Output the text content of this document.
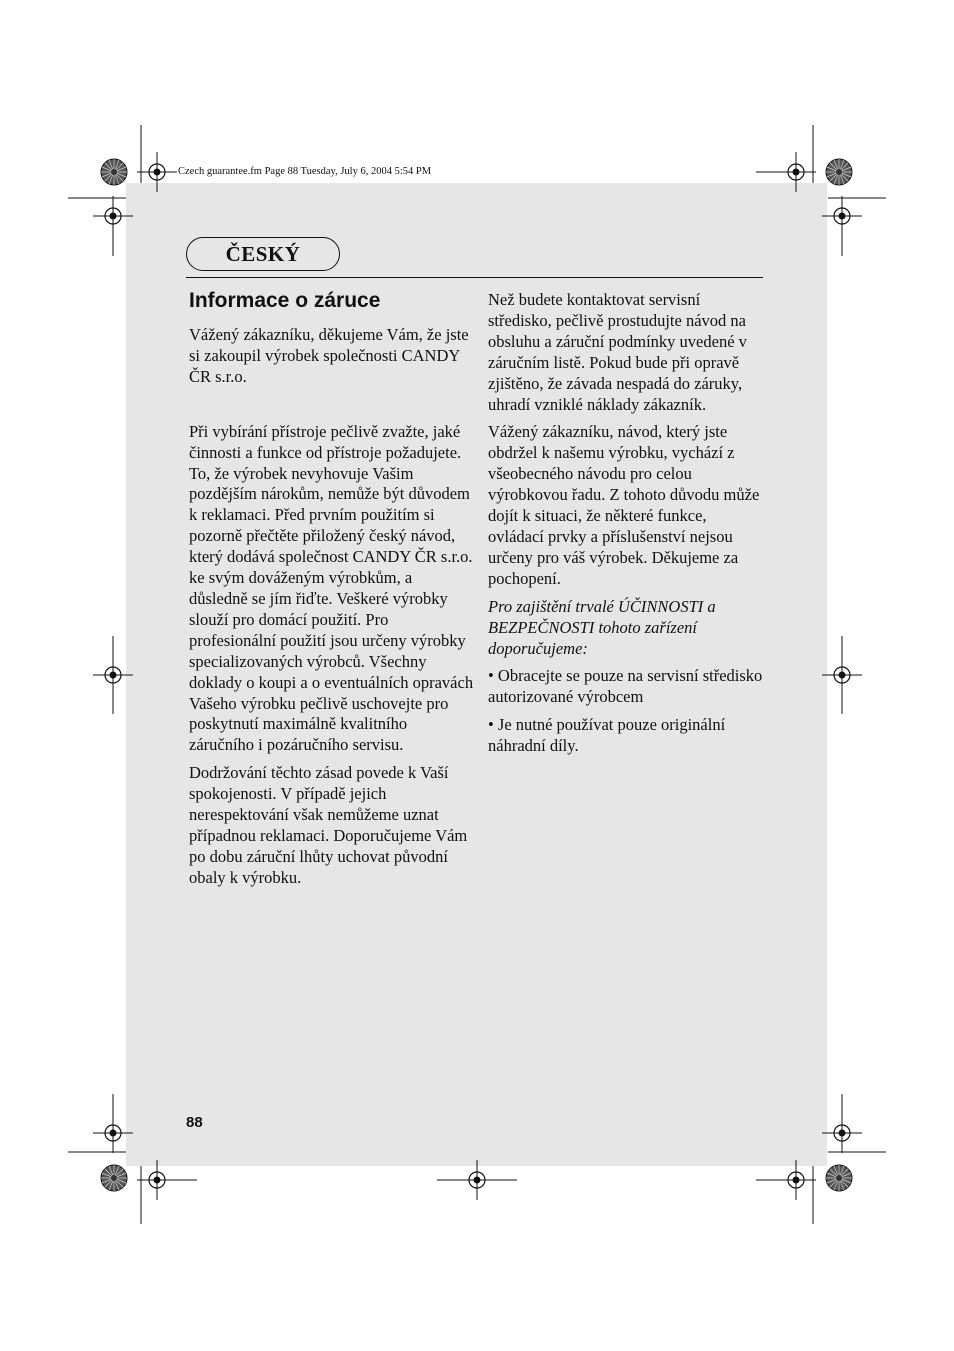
Czech guarantee.fm Page 88 Tuesday, July 6, 2004 5:54 PM
ČESKÝ
Informace o záruce

Vážený zákazníku, děkujeme Vám, že jste si zakoupil výrobek společnosti CANDY ČR s.r.o.

Při vybírání přístroje pečlivě zvažte, jaké činnosti a funkce od přístroje požadujete. To, že výrobek nevyhovuje Vašim pozdějším nárokům, nemůže být důvodem k reklamaci. Před prvním použitím si pozorně přečtěte přiložený český návod, který dodává společnost CANDY ČR s.r.o. ke svým dováženým výrobkům, a důsledně se jím řiďte. Veškeré výrobky slouží pro domácí použití. Pro profesionální použití jsou určeny výrobky specializovaných výrobců. Všechny doklady o koupi a o eventuálních opravách Vašeho výrobku pečlivě uschovejte pro poskytnutí maximálně kvalitního záručního i pozáručního servisu.

Dodržování těchto zásad povede k Vaší spokojenosti. V případě jejich nerespektování však nemůžeme uznat případnou reklamaci. Doporučujeme Vám po dobu záruční lhůty uchovat původní obaly k výrobku.

Než budete kontaktovat servisní středisko, pečlivě prostudujte návod na obsluhu a záruční podmínky uvedené v záručním listě. Pokud bude při opravě zjištěno, že závada nespadá do záruky, uhradí vzniklé náklady zákazník.

Vážený zákazníku, návod, který jste obdržel k našemu výrobku, vychází z všeobecného návodu pro celou výrobkovou řadu. Z tohoto důvodu může dojít k situaci, že některé funkce, ovládací prvky a příslušenství nejsou určeny pro váš výrobek. Děkujeme za pochopení.

Pro zajištění trvalé ÚČINNOSTI a BEZPEČNOSTI tohoto zařízení doporučujeme:

• Obracejte se pouze na servisní středisko autorizované výrobcem

• Je nutné používat pouze originální náhradní díly.

88
